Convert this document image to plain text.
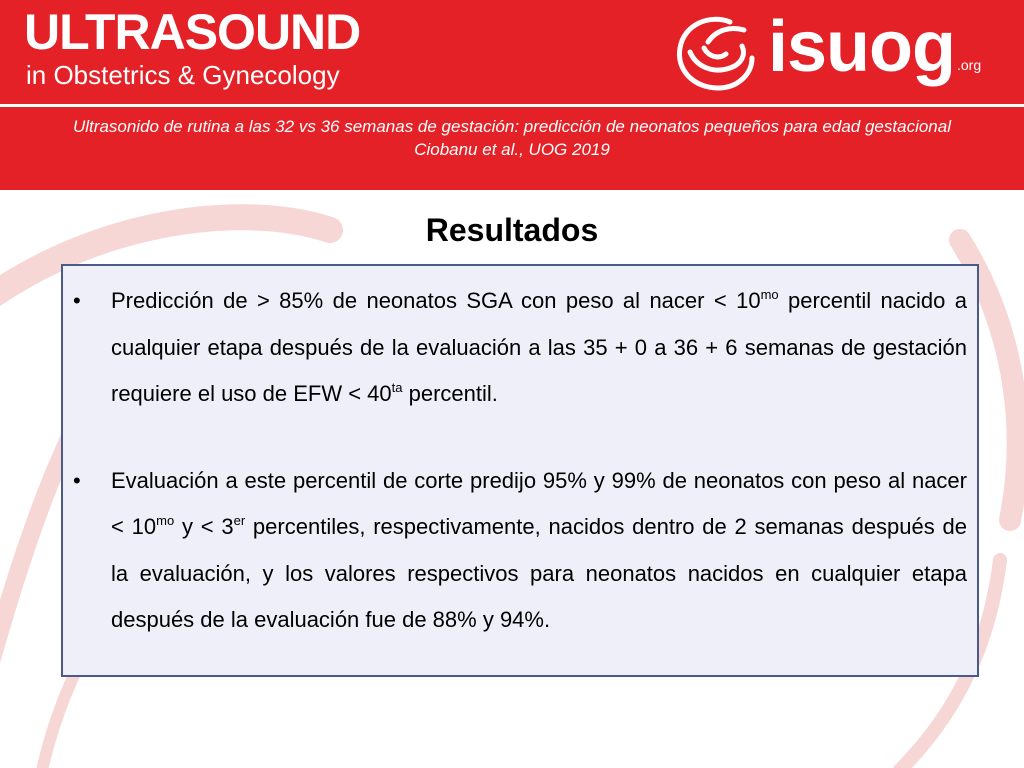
ULTRASOUND
in Obstetrics & Gynecology	isuog .org
Ultrasonido de rutina a las 32 vs 36 semanas de gestación: predicción de neonatos pequeños para edad gestacional
Ciobanu et al., UOG 2019
Resultados
• Predicción de > 85% de neonatos SGA con peso al nacer < $10^{mo}$ percentil nacido a cualquier etapa después de la evaluación a las 35 + 0 a 36 + 6 semanas de gestación requiere el uso de EFW < $40^{ta}$ percentil.
• Evaluación a este percentil de corte predijo 95% y 99% de neonatos con peso al nacer < $10^{mo}$ y < 3er percentiles, respectivamente, nacidos dentro de 2 semanas después de la evaluación, y los valores respectivos para neonatos nacidos en cualquier etapa después de la evaluación fue de 88% y 94%.
